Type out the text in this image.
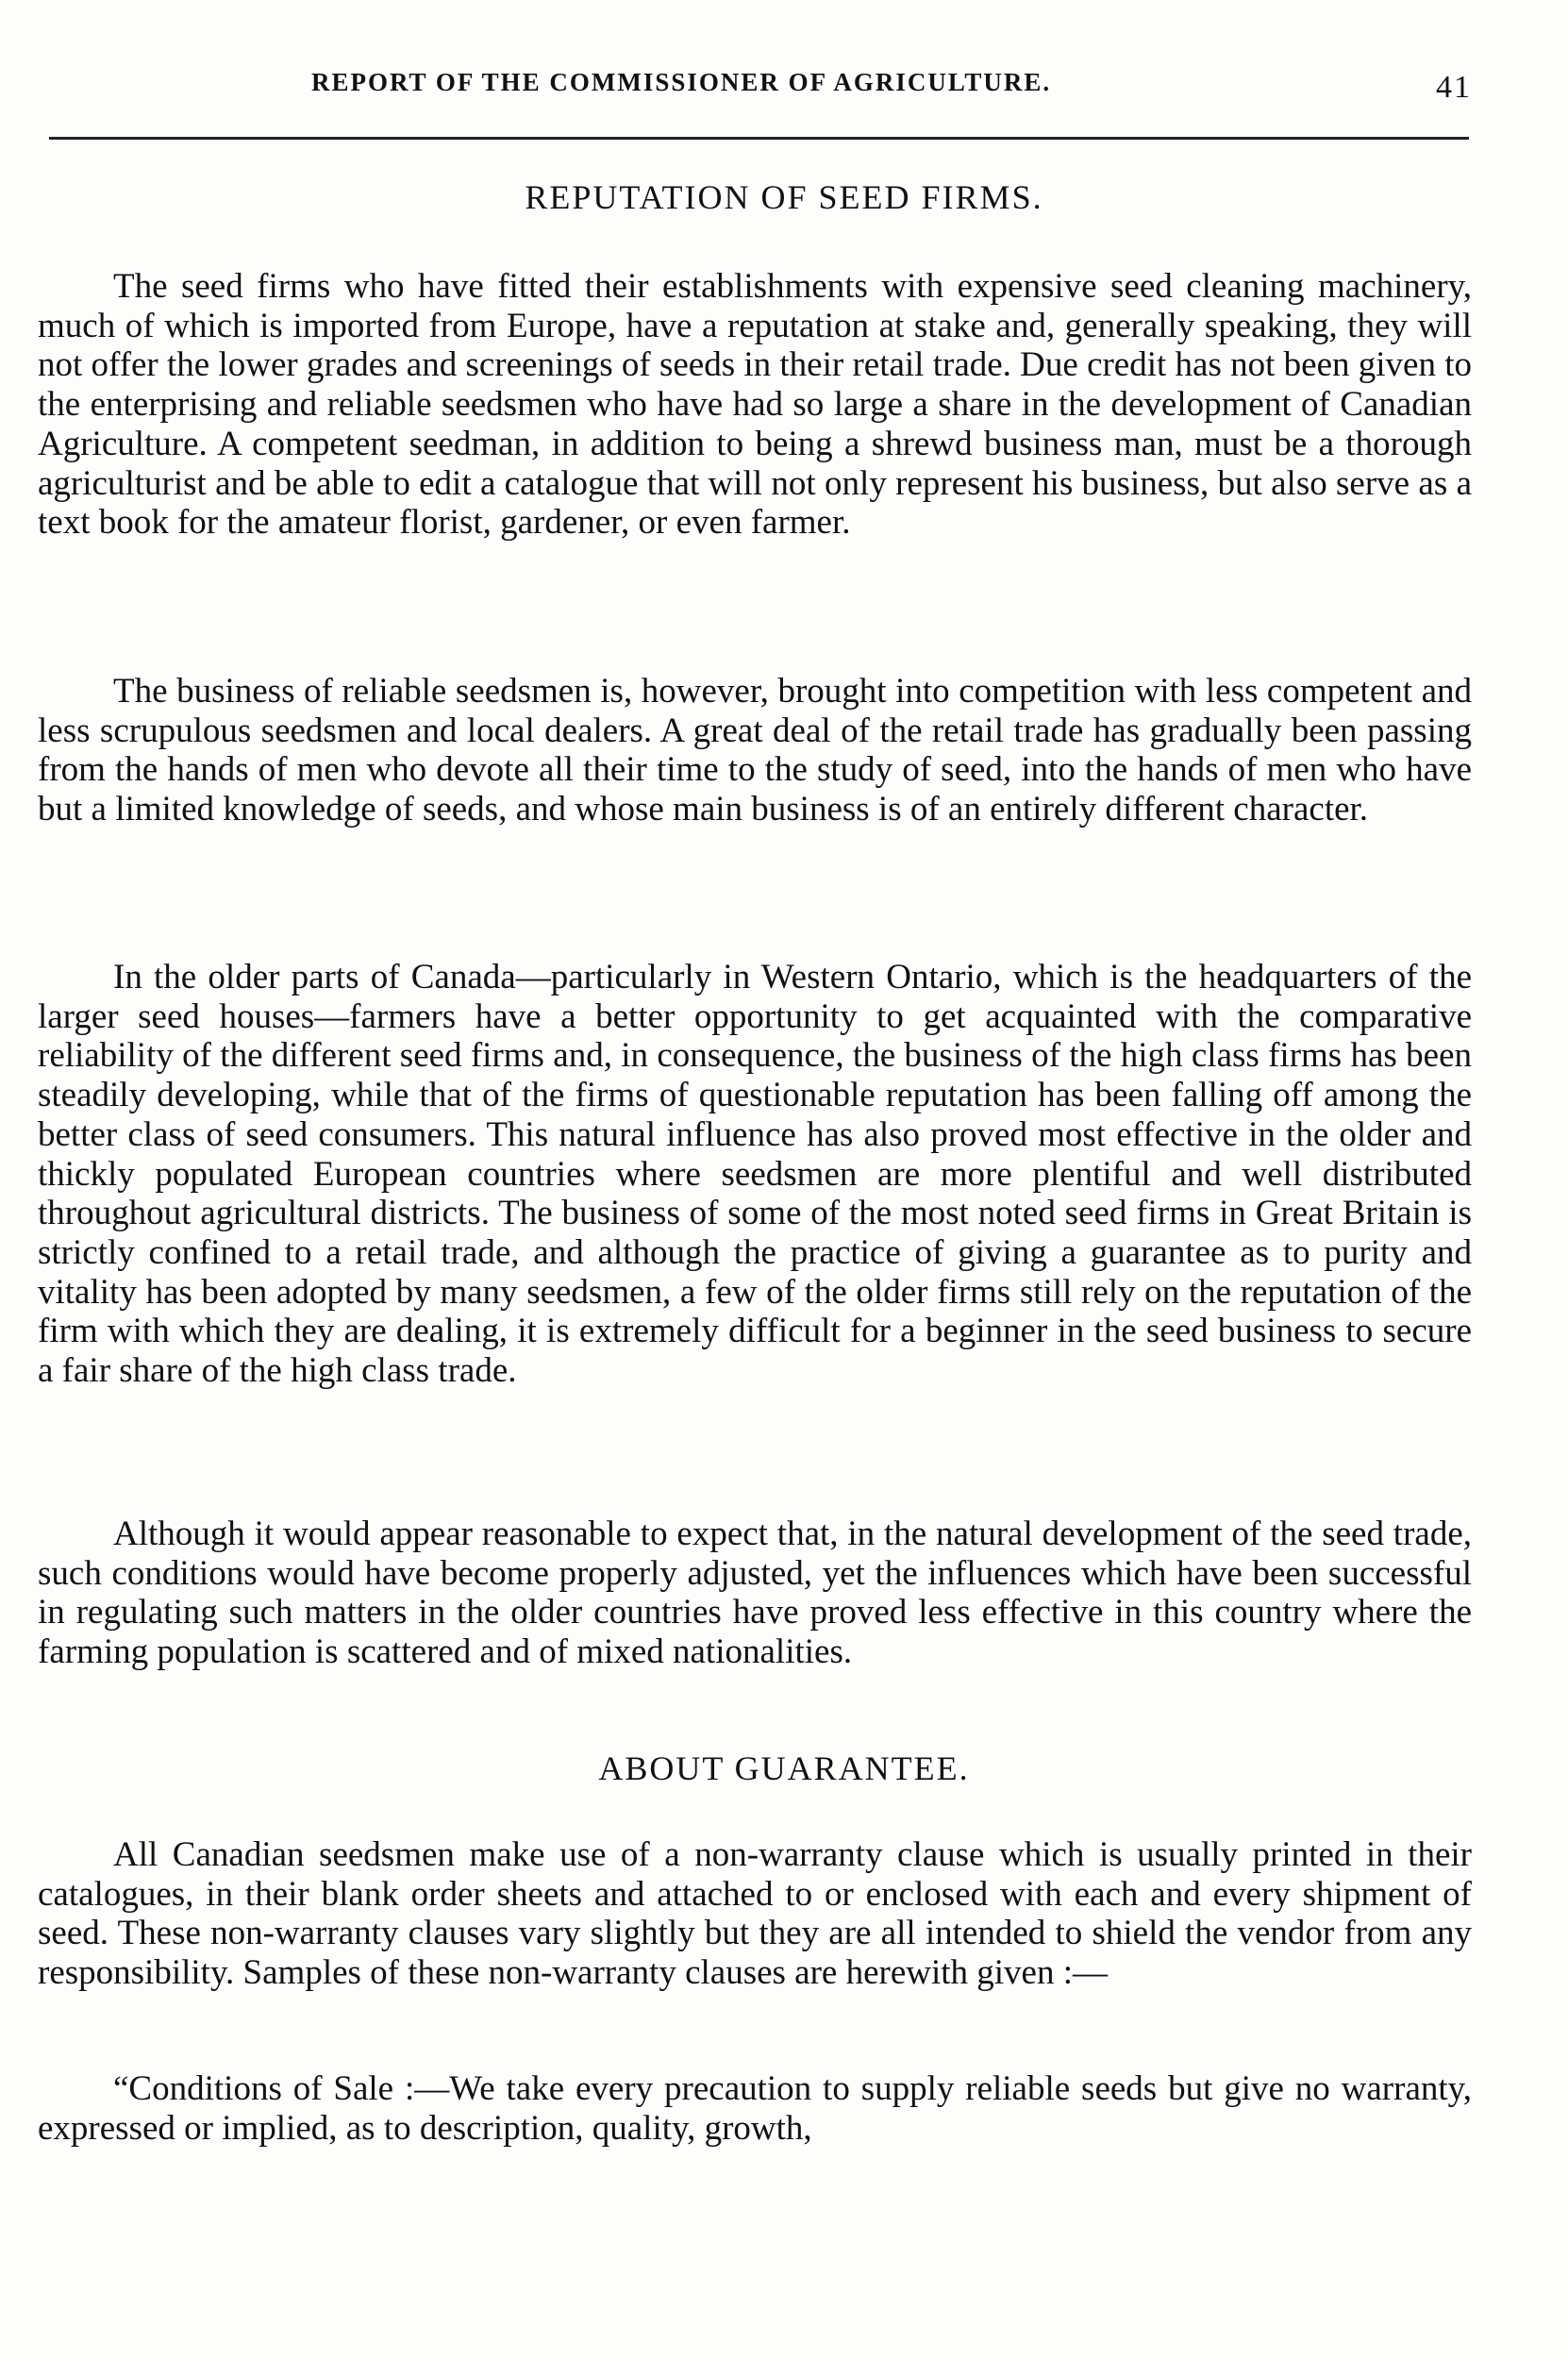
REPORT OF THE COMMISSIONER OF AGRICULTURE.	41
REPUTATION OF SEED FIRMS.

The seed firms who have fitted their establishments with expensive seed cleaning machinery, much of which is imported from Europe, have a reputation at stake and, generally speaking, they will not offer the lower grades and screenings of seeds in their retail trade. Due credit has not been given to the enterprising and reliable seedsmen who have had so large a share in the development of Canadian Agriculture. A competent seedman, in addition to being a shrewd business man, must be a thorough agriculturist and be able to edit a catalogue that will not only represent his business, but also serve as a text book for the amateur florist, gardener, or even farmer.

The business of reliable seedsmen is, however, brought into competition with less competent and less scrupulous seedsmen and local dealers. A great deal of the retail trade has gradually been passing from the hands of men who devote all their time to the study of seed, into the hands of men who have but a limited knowledge of seeds, and whose main business is of an entirely different character.

In the older parts of Canada—particularly in Western Ontario, which is the headquarters of the larger seed houses—farmers have a better opportunity to get acquainted with the comparative reliability of the different seed firms and, in consequence, the business of the high class firms has been steadily developing, while that of the firms of questionable reputation has been falling off among the better class of seed consumers. This natural influence has also proved most effective in the older and thickly populated European countries where seedsmen are more plentiful and well distributed throughout agricultural districts. The business of some of the most noted seed firms in Great Britain is strictly confined to a retail trade, and although the practice of giving a guarantee as to purity and vitality has been adopted by many seedsmen, a few of the older firms still rely on the reputation of the firm with which they are dealing, it is extremely difficult for a beginner in the seed business to secure a fair share of the high class trade.

Although it would appear reasonable to expect that, in the natural development of the seed trade, such conditions would have become properly adjusted, yet the influences which have been successful in regulating such matters in the older countries have proved less effective in this country where the farming population is scattered and of mixed nationalities.

ABOUT GUARANTEE.

All Canadian seedsmen make use of a non-warranty clause which is usually printed in their catalogues, in their blank order sheets and attached to or enclosed with each and every shipment of seed. These non-warranty clauses vary slightly but they are all intended to shield the vendor from any responsibility. Samples of these non-warranty clauses are herewith given :—

“Conditions of Sale :—We take every precaution to supply reliable seeds but give no warranty, expressed or implied, as to description, quality, growth,
